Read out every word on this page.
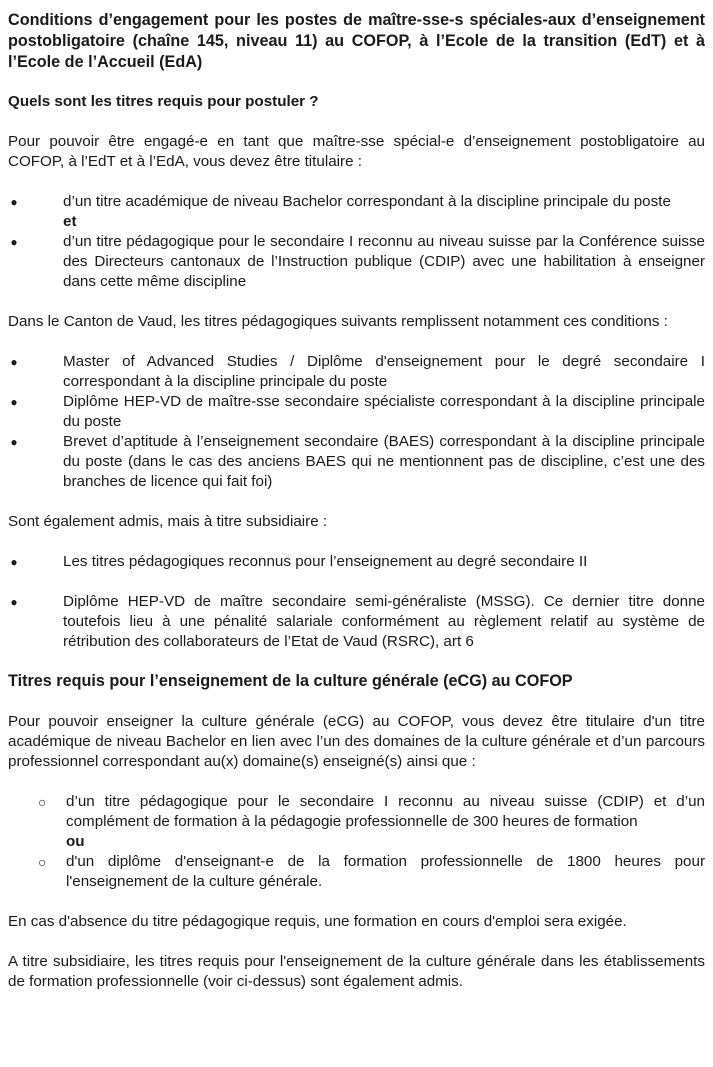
Conditions d’engagement pour les postes de maître-sse-s spéciales-aux d’enseignement postobligatoire (chaîne 145, niveau 11) au COFOP, à l’Ecole de la transition (EdT) et à l’Ecole de l’Accueil (EdA)
Quels sont les titres requis pour postuler ?

Pour pouvoir être engagé-e en tant que maître-sse spécial-e d’enseignement postobligatoire au COFOP, à l’EdT et à l’EdA, vous devez être titulaire :

●	d’un titre académique de niveau Bachelor correspondant à la discipline principale du poste
et
●	d’un titre pédagogique pour le secondaire I reconnu au niveau suisse par la Conférence suisse des Directeurs cantonaux de l’Instruction publique (CDIP) avec une habilitation à enseigner dans cette même discipline

Dans le Canton de Vaud, les titres pédagogiques suivants remplissent notamment ces conditions :

●	Master of Advanced Studies / Diplôme d'enseignement pour le degré secondaire I correspondant à la discipline principale du poste
●	Diplôme HEP-VD de maître-sse secondaire spécialiste correspondant à la discipline principale du poste
●	Brevet d’aptitude à l’enseignement secondaire (BAES) correspondant à la discipline principale du poste (dans le cas des anciens BAES qui ne mentionnent pas de discipline, c’est une des branches de licence qui fait foi)

Sont également admis, mais à titre subsidiaire :

●	Les titres pédagogiques reconnus pour l’enseignement au degré secondaire II
●	Diplôme HEP-VD de maître secondaire semi-généraliste (MSSG). Ce dernier titre donne toutefois lieu à une pénalité salariale conformément au règlement relatif au système de rétribution des collaborateurs de l’Etat de Vaud (RSRC), art 6
Titres requis pour l’enseignement de la culture générale (eCG) au COFOP

Pour pouvoir enseigner la culture générale (eCG) au COFOP, vous devez être titulaire d'un titre académique de niveau Bachelor en lien avec l’un des domaines de la culture générale et d’un parcours professionnel correspondant au(x) domaine(s) enseigné(s) ainsi que :

○ d’un titre pédagogique pour le secondaire I reconnu au niveau suisse (CDIP) et d’un complément de formation à la pédagogie professionnelle de 300 heures de formation
ou
○ d'un diplôme d'enseignant-e de la formation professionnelle de 1800 heures pour l'enseignement de la culture générale.

En cas d'absence du titre pédagogique requis, une formation en cours d'emploi sera exigée.

A titre subsidiaire, les titres requis pour l'enseignement de la culture générale dans les établissements de formation professionnelle (voir ci-dessus) sont également admis.
